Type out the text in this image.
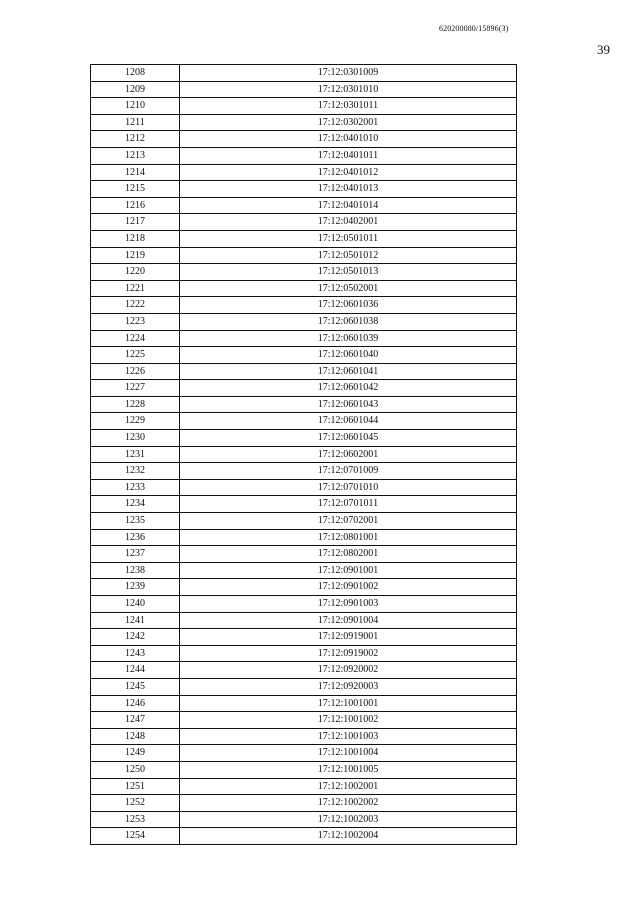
620200080/15896(3)
39
1208	17:12:0301009
1209	17:12:0301010
1210	17:12:0301011
1211	17:12:0302001
1212	17:12:0401010
1213	17:12:0401011
1214	17:12:0401012
1215	17:12:0401013
1216	17:12:0401014
1217	17:12:0402001
1218	17:12:0501011
1219	17:12:0501012
1220	17:12:0501013
1221	17:12:0502001
1222	17:12:0601036
1223	17:12:0601038
1224	17:12:0601039
1225	17:12:0601040
1226	17:12:0601041
1227	17:12:0601042
1228	17:12:0601043
1229	17:12:0601044
1230	17:12:0601045
1231	17:12:0602001
1232	17:12:0701009
1233	17:12:0701010
1234	17:12:0701011
1235	17:12:0702001
1236	17:12:0801001
1237	17:12:0802001
1238	17:12:0901001
1239	17:12:0901002
1240	17:12:0901003
1241	17:12:0901004
1242	17:12:0919001
1243	17:12:0919002
1244	17:12:0920002
1245	17:12:0920003
1246	17:12:1001001
1247	17:12:1001002
1248	17:12:1001003
1249	17:12:1001004
1250	17:12:1001005
1251	17:12:1002001
1252	17:12:1002002
1253	17:12:1002003
1254	17:12:1002004
